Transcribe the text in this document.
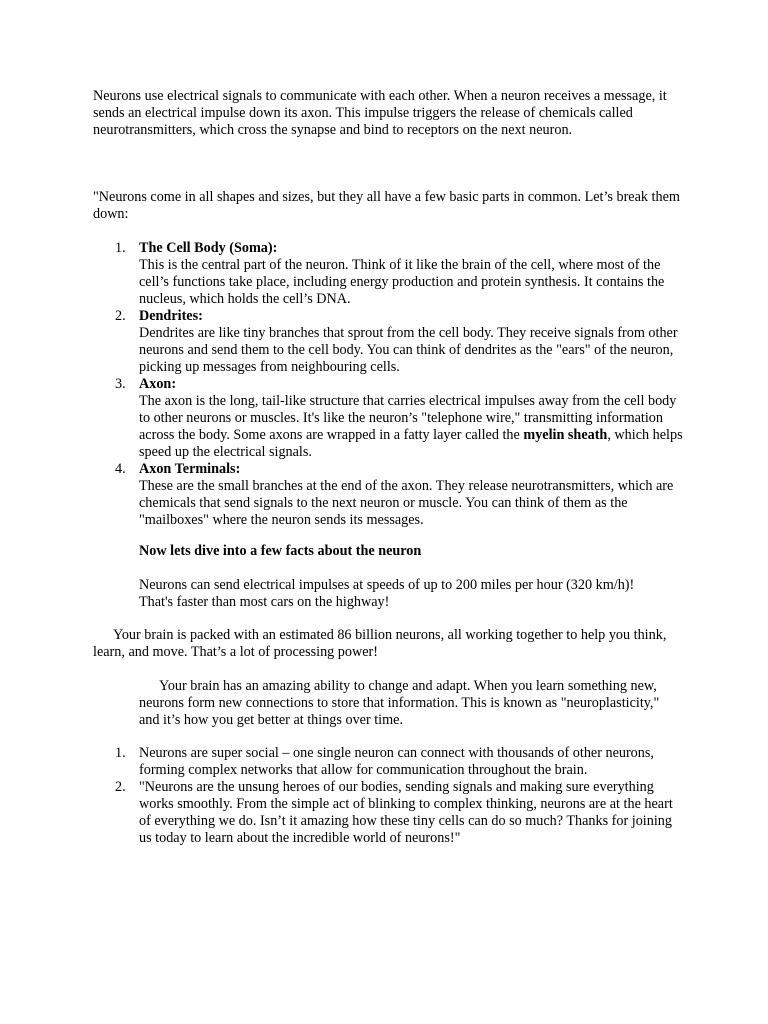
Neurons use electrical signals to communicate with each other. When a neuron receives a message, it sends an electrical impulse down its axon. This impulse triggers the release of chemicals called neurotransmitters, which cross the synapse and bind to receptors on the next neuron.

"Neurons come in all shapes and sizes, but they all have a few basic parts in common. Let’s break them down:

1. The Cell Body (Soma):
This is the central part of the neuron. Think of it like the brain of the cell, where most of the cell’s functions take place, including energy production and protein synthesis. It contains the nucleus, which holds the cell’s DNA.
2. Dendrites:
Dendrites are like tiny branches that sprout from the cell body. They receive signals from other neurons and send them to the cell body. You can think of dendrites as the "ears" of the neuron, picking up messages from neighbouring cells.
3. Axon:
The axon is the long, tail-like structure that carries electrical impulses away from the cell body to other neurons or muscles. It's like the neuron’s "telephone wire," transmitting information across the body. Some axons are wrapped in a fatty layer called the myelin sheath, which helps speed up the electrical signals.
4. Axon Terminals:
These are the small branches at the end of the axon. They release neurotransmitters, which are chemicals that send signals to the next neuron or muscle. You can think of them as the "mailboxes" where the neuron sends its messages.

Now lets dive into a few facts about the neuron

Neurons can send electrical impulses at speeds of up to 200 miles per hour (320 km/h)! That's faster than most cars on the highway!

Your brain is packed with an estimated 86 billion neurons, all working together to help you think, learn, and move. That’s a lot of processing power!

Your brain has an amazing ability to change and adapt. When you learn something new, neurons form new connections to store that information. This is known as "neuroplasticity," and it’s how you get better at things over time.

1. Neurons are super social – one single neuron can connect with thousands of other neurons, forming complex networks that allow for communication throughout the brain.
2. "Neurons are the unsung heroes of our bodies, sending signals and making sure everything works smoothly. From the simple act of blinking to complex thinking, neurons are at the heart of everything we do. Isn’t it amazing how these tiny cells can do so much? Thanks for joining us today to learn about the incredible world of neurons!"
